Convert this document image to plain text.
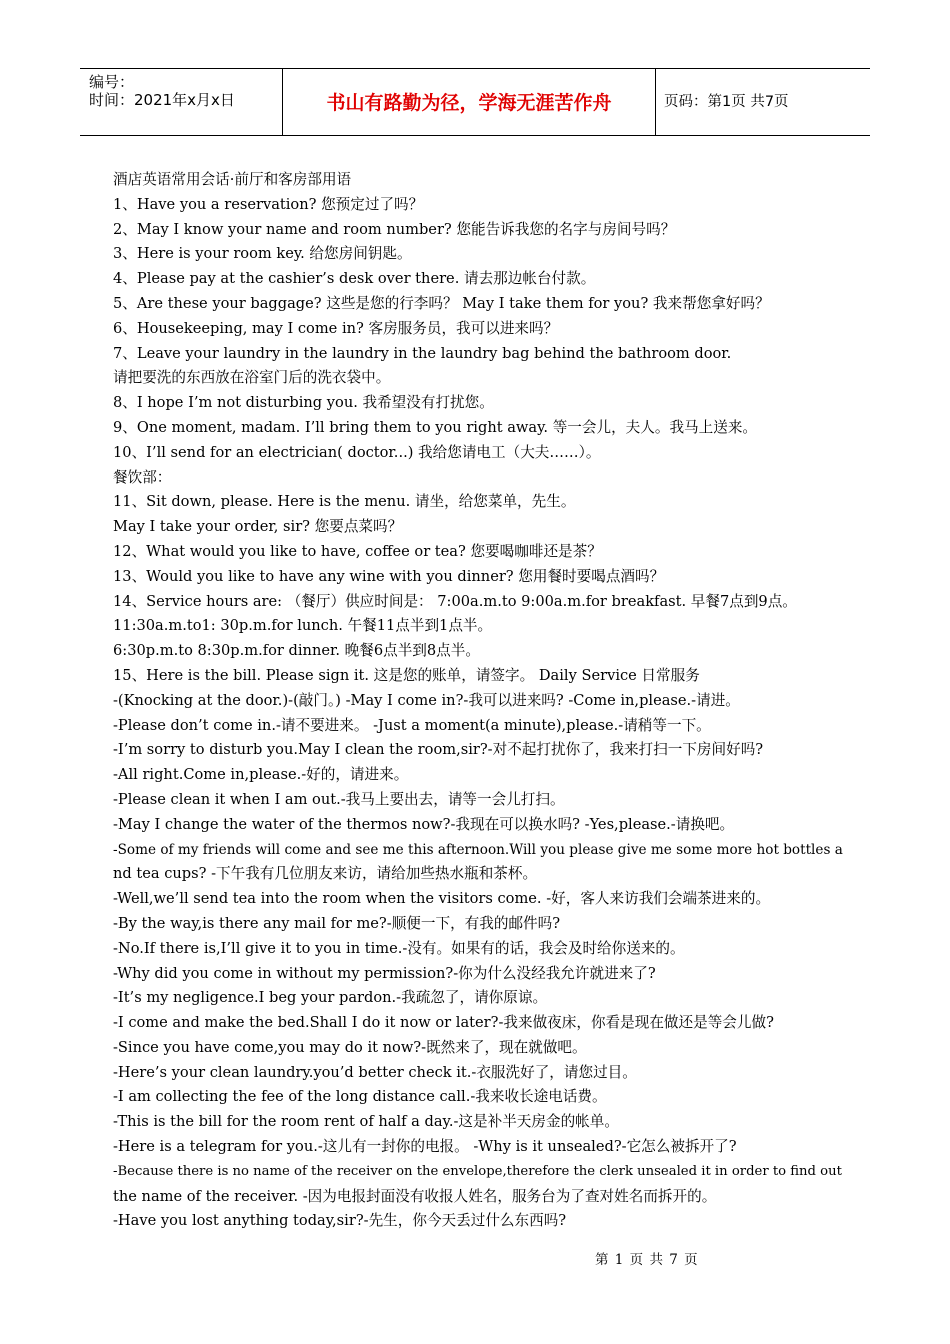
编号：
时间：2021年x月x日	书山有路勤为径，学海无涯苦作舟	页码：第1页 共7页
酒店英语常用会话·前厅和客房部用语
1、Have you a reservation? 您预定过了吗？
2、May I know your name and room number? 您能告诉我您的名字与房间号吗？
3、Here is your room key. 给您房间钥匙。
4、Please pay at the cashier’s desk over there. 请去那边帐台付款。
5、Are these your baggage? 这些是您的行李吗？ May I take them for you? 我来帮您拿好吗？
6、Housekeeping, may I come in? 客房服务员，我可以进来吗？
7、Leave your laundry in the laundry in the laundry bag behind the bathroom door.
请把要洗的东西放在浴室门后的洗衣袋中。
8、I hope I’m not disturbing you. 我希望没有打扰您。
9、One moment, madam. I’ll bring them to you right away. 等一会儿，夫人。我马上送来。
10、I’ll send for an electrician( doctor...) 我给您请电工（大夫……）。
餐饮部：
11、Sit down, please. Here is the menu. 请坐，给您菜单，先生。
May I take your order, sir? 您要点菜吗？
12、What would you like to have, coffee or tea? 您要喝咖啡还是茶？
13、Would you like to have any wine with you dinner? 您用餐时要喝点酒吗？
14、Service hours are: （餐厅）供应时间是： 7:00a.m.to 9:00a.m.for breakfast. 早餐7点到9点。
11:30a.m.to1: 30p.m.for lunch. 午餐11点半到1点半。
6:30p.m.to 8:30p.m.for dinner. 晚餐6点半到8点半。
15、Here is the bill. Please sign it. 这是您的账单，请签字。 Daily Service 日常服务
-(Knocking at the door.)-(敲门。) -May I come in?-我可以进来吗? -Come in,please.-请进。
-Please don’t come in.-请不要进来。 -Just a moment(a minute),please.-请稍等一下。
-I’m sorry to disturb you.May I clean the room,sir?-对不起打扰你了，我来打扫一下房间好吗?
-All right.Come in,please.-好的，请进来。
-Please clean it when I am out.-我马上要出去，请等一会儿打扫。
-May I change the water of the thermos now?-我现在可以换水吗? -Yes,please.-请换吧。
-Some of my friends will come and see me this afternoon.Will you please give me some more hot bottles a
nd tea cups? -下午我有几位朋友来访，请给加些热水瓶和茶杯。
-Well,we’ll send tea into the room when the visitors come. -好，客人来访我们会端茶进来的。
-By the way,is there any mail for me?-顺便一下，有我的邮件吗?
-No.If there is,I’ll give it to you in time.-没有。如果有的话，我会及时给你送来的。
-Why did you come in without my permission?-你为什么没经我允许就进来了?
-It’s my negligence.I beg your pardon.-我疏忽了，请你原谅。
-I come and make the bed.Shall I do it now or later?-我来做夜床，你看是现在做还是等会儿做?
-Since you have come,you may do it now?-既然来了，现在就做吧。
-Here’s your clean laundry.you’d better check it.-衣服洗好了，请您过目。
-I am collecting the fee of the long distance call.-我来收长途电话费。
-This is the bill for the room rent of half a day.-这是补半天房金的帐单。
-Here is a telegram for you.-这儿有一封你的电报。 -Why is it unsealed?-它怎么被拆开了?
-Because there is no name of the receiver on the envelope,therefore the clerk unsealed it in order to find out
the name of the receiver. -因为电报封面没有收报人姓名，服务台为了查对姓名而拆开的。
-Have you lost anything today,sir?-先生，你今天丢过什么东西吗?
第 1 页 共 7 页
